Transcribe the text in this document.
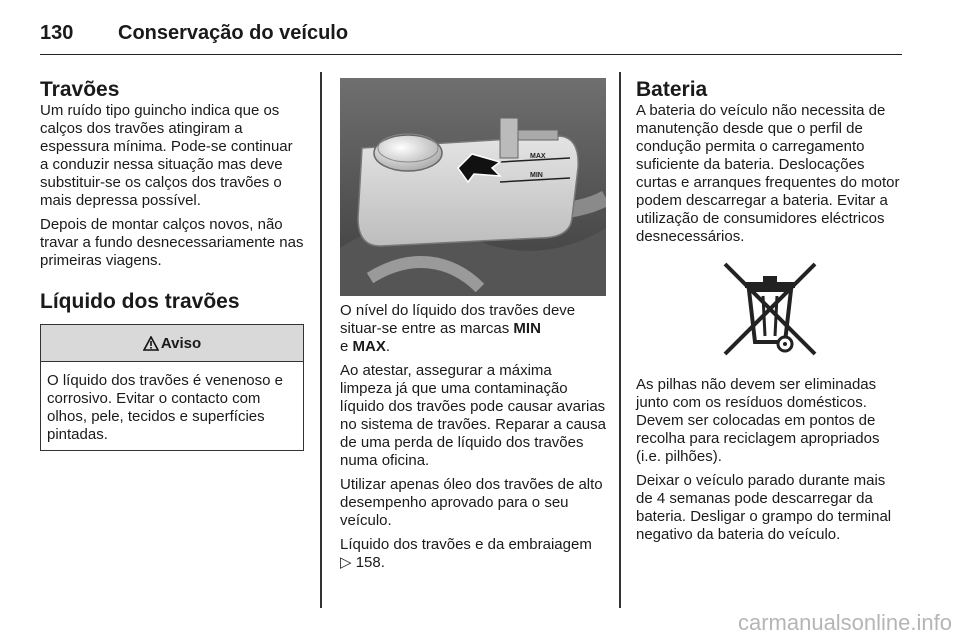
130 Conservação do veículo
Travões

Um ruído tipo guincho indica que os calços dos travões atingiram a espessura mínima. Pode-se continuar a conduzir nessa situação mas deve substituir-se os calços dos travões o mais depressa possível.

Depois de montar calços novos, não travar a fundo desnecessariamente nas primeiras viagens.

Líquido dos travões
Aviso

O líquido dos travões é venenoso e corrosivo. Evitar o contacto com olhos, pele, tecidos e superfícies pintadas.

MAX
MIN

O nível do líquido dos travões deve situar-se entre as marcas MIN
e MAX.

Ao atestar, assegurar a máxima limpeza já que uma contaminação líquido dos travões pode causar avarias no sistema de travões. Reparar a causa de uma perda de líquido dos travões numa oficina.

Utilizar apenas óleo dos travões de alto desempenho aprovado para o seu veículo.

Líquido dos travões e da embraiagem
▷ 158.

Bateria

A bateria do veículo não necessita de manutenção desde que o perfil de condução permita o carregamento suficiente da bateria. Deslocações curtas e arranques frequentes do motor podem descarregar a bateria. Evitar a utilização de consumidores eléctricos desnecessários.

As pilhas não devem ser eliminadas junto com os resíduos domésticos. Devem ser colocadas em pontos de recolha para reciclagem apropriados (i.e. pilhões).

Deixar o veículo parado durante mais de 4 semanas pode descarregar da bateria. Desligar o grampo do terminal negativo da bateria do veículo.

carmanualsonline.info
